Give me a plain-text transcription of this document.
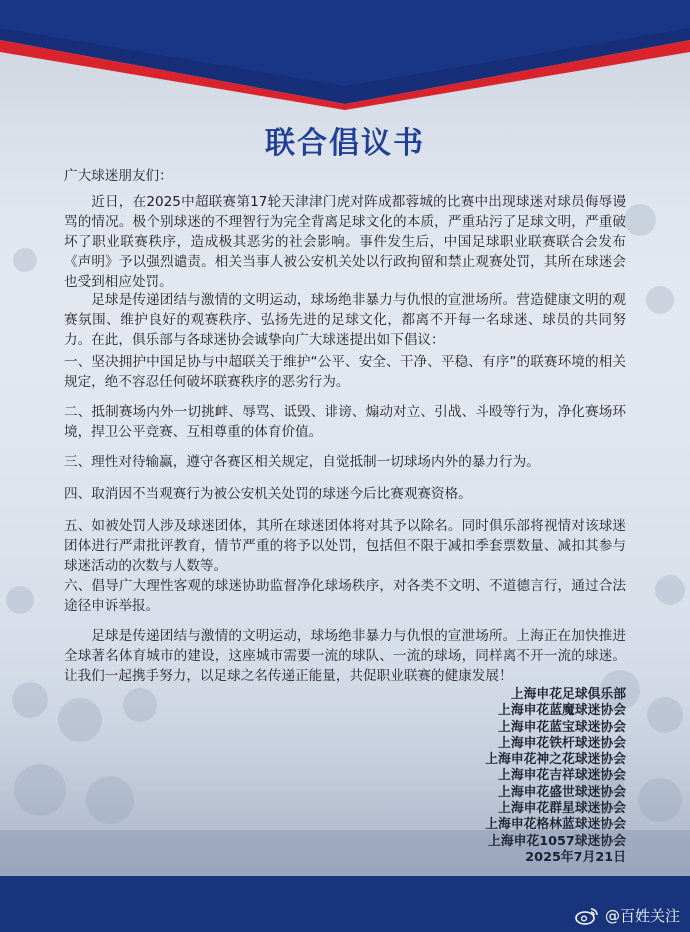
联合倡议书

广大球迷朋友们：

近日，在2025中超联赛第17轮天津津门虎对阵成都蓉城的比赛中出现球迷对球员侮辱谩骂的情况。极个别球迷的不理智行为完全背离足球文化的本质，严重玷污了足球文明，严重破坏了职业联赛秩序，造成极其恶劣的社会影响。事件发生后，中国足球职业联赛联合会发布《声明》予以强烈谴责。相关当事人被公安机关处以行政拘留和禁止观赛处罚，其所在球迷会也受到相应处罚。

足球是传递团结与激情的文明运动，球场绝非暴力与仇恨的宣泄场所。营造健康文明的观赛氛围、维护良好的观赛秩序、弘扬先进的足球文化，都离不开每一名球迷、球员的共同努力。在此，俱乐部与各球迷协会诚挚向广大球迷提出如下倡议：

一、坚决拥护中国足协与中超联关于维护“公平、安全、干净、平稳、有序”的联赛环境的相关规定，绝不容忍任何破坏联赛秩序的恶劣行为。

二、抵制赛场内外一切挑衅、辱骂、诋毁、诽谤、煽动对立、引战、斗殴等行为，净化赛场环境，捍卫公平竞赛、互相尊重的体育价值。

三、理性对待输赢，遵守各赛区相关规定，自觉抵制一切球场内外的暴力行为。

四、取消因不当观赛行为被公安机关处罚的球迷今后比赛观赛资格。

五、如被处罚人涉及球迷团体，其所在球迷团体将对其予以除名。同时俱乐部将视情对该球迷团体进行严肃批评教育，情节严重的将予以处罚，包括但不限于减扣季套票数量、减扣其参与球迷活动的次数与人数等。

六、倡导广大理性客观的球迷协助监督净化球场秩序，对各类不文明、不道德言行，通过合法途径申诉举报。

足球是传递团结与激情的文明运动，球场绝非暴力与仇恨的宣泄场所。上海正在加快推进全球著名体育城市的建设，这座城市需要一流的球队、一流的球场，同样离不开一流的球迷。让我们一起携手努力，以足球之名传递正能量，共促职业联赛的健康发展！

上海申花足球俱乐部
上海申花蓝魔球迷协会
上海申花蓝宝球迷协会
上海申花铁杆球迷协会
上海申花神之花球迷协会
上海申花吉祥球迷协会
上海申花盛世球迷协会
上海申花群星球迷协会
上海申花格林蓝球迷协会
上海申花1057球迷协会
2025年7月21日
@百姓关注
